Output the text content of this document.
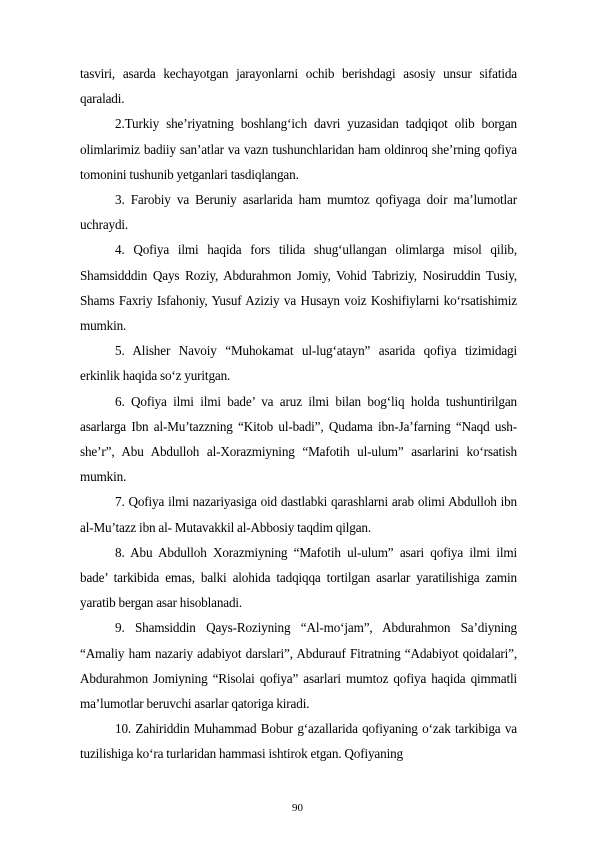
tasviri, asarda kechayotgan jarayonlarni ochib berishdagi asosiy unsur sifatida qaraladi.

2.Turkiy she’riyatning boshlang‘ich davri yuzasidan tadqiqot olib borgan olimlarimiz badiiy san’atlar va vazn tushunchlaridan ham oldinroq she’rning qofiya tomonini tushunib yetganlari tasdiqlangan.

3. Farobiy va Beruniy asarlarida ham mumtoz qofiyaga doir ma’lumotlar uchraydi.

4. Qofiya ilmi haqida fors tilida shug‘ullangan olimlarga misol qilib, Shamsidddin Qays Roziy, Abdurahmon Jomiy, Vohid Tabriziy, Nosiruddin Tusiy, Shams Faxriy Isfahoniy, Yusuf Aziziy va Husayn voiz Koshifiylarni ko‘rsatishimiz mumkin.

5. Alisher Navoiy “Muhokamat ul-lug‘atayn” asarida qofiya tizimidagi erkinlik haqida so‘z yuritgan.

6. Qofiya ilmi ilmi bade’ va aruz ilmi bilan bog‘liq holda tushuntirilgan asarlarga Ibn al-Mu’tazzning “Kitob ul-badi”, Qudama ibn-Ja’farning “Naqd ush-she’r”, Abu Abdulloh al-Xorazmiyning “Mafotih ul-ulum” asarlarini ko‘rsatish mumkin.

7. Qofiya ilmi nazariyasiga oid dastlabki qarashlarni arab olimi Abdulloh ibn al-Mu’tazz ibn al- Mutavakkil al-Abbosiy taqdim qilgan.

8. Abu Abdulloh Xorazmiyning “Mafotih ul-ulum” asari qofiya ilmi ilmi bade’ tarkibida emas, balki alohida tadqiqqa tortilgan asarlar yaratilishiga zamin yaratib bergan asar hisoblanadi.

9. Shamsiddin Qays-Roziyning “Al-mo‘jam”, Abdurahmon Sa’diyning “Amaliy ham nazariy adabiyot darslari”, Abdurauf Fitratning “Adabiyot qoidalari”, Abdurahmon Jomiyning “Risolai qofiya” asarlari mumtoz qofiya haqida qimmatli ma’lumotlar beruvchi asarlar qatoriga kiradi.

10. Zahiriddin Muhammad Bobur g‘azallarida qofiyaning o‘zak tarkibiga va tuzilishiga ko‘ra turlaridan hammasi ishtirok etgan. Qofiyaning

90
